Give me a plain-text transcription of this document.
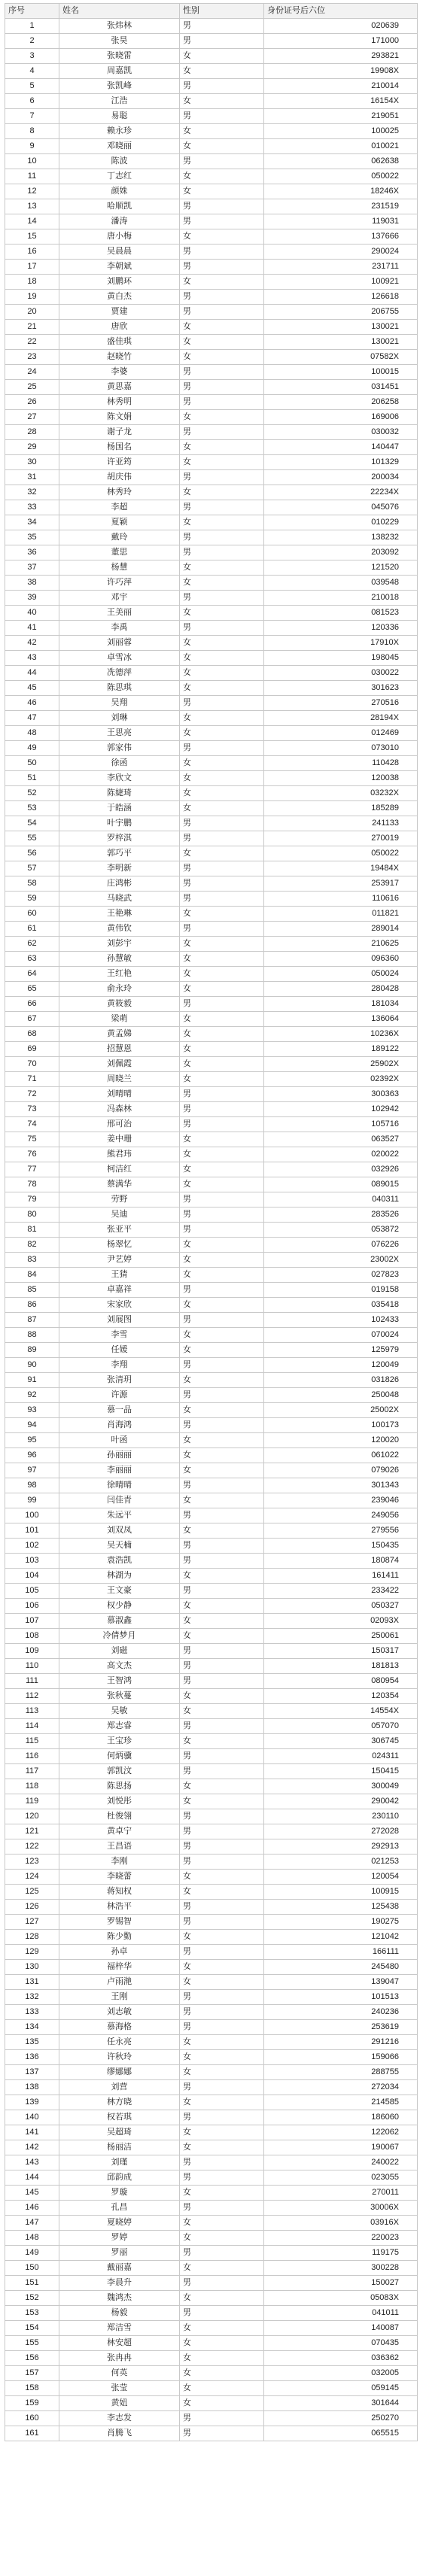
序号	姓名	性别	身份证号后六位
1	张炜林	男	020639
2	张昊	男	171000
3	张晓雷	女	293821
4	周嘉凯	女	19908X
5	张凯峰	男	210014
6	江浩	女	16154X
7	易聪	男	219051
8	赖永珍	女	100025
9	邓晓丽	女	010021
10	陈波	男	062638
11	丁志红	女	050022
12	颜姝	女	18246X
13	哈顺凯	男	231519
14	潘涛	男	119031
15	唐小梅	女	137666
16	吴晨晨	男	290024
17	李朝斌	男	231711
18	刘鹏环	女	100921
19	黄白杰	男	126618
20	贾建	男	206755
21	唐欣	女	130021
22	盛佳琪	女	130021
23	赵晓竹	女	07582X
24	李婆	男	100015
25	黄思嘉	男	031451
26	林秀明	男	206258
27	陈文娟	女	169006
28	谢子龙	男	030032
29	杨国名	女	140447
30	许亚筠	女	101329
31	胡庆伟	男	200034
32	林秀玲	女	22234X
33	李超	男	045076
34	夏颖	女	010229
35	戴玲	男	138232
36	董思	男	203092
37	杨慧	女	121520
38	许巧萍	女	039548
39	邓宇	男	210018
40	王美丽	女	081523
41	李禹	男	120336
42	刘丽蓉	女	17910X
43	卓雪冰	女	198045
44	冼德萍	女	030022
45	陈思琪	女	301623
46	吴翔	男	270516
47	刘琳	女	28194X
48	王思亮	女	012469
49	郭家伟	男	073010
50	徐函	女	110428
51	李欣文	女	120038
52	陈婕琦	女	03232X
53	于皓涵	女	185289
54	叶宇鹏	男	241133
55	罗梓淇	男	270019
56	郭巧平	女	050022
57	李明新	男	19484X
58	庄鸿彬	男	253917
59	马晓武	男	110616
60	王艳琳	女	011821
61	黄伟钦	男	289014
62	刘彭宇	女	210625
63	孙慧敏	女	096360
64	王红艳	女	050024
65	俞永玲	女	280428
66	黄筱毅	男	181034
67	梁萌	女	136064
68	黄孟娣	女	10236X
69	招慧恩	女	189122
70	刘佩霞	女	25902X
71	周晓兰	女	02392X
72	刘晴晴	男	300363
73	冯森林	男	102942
74	邢可治	男	105716
75	姜中珊	女	063527
76	熊君玮	女	020022
77	柯洁红	女	032926
78	蔡满华	女	089015
79	劳野	男	040311
80	吴迪	男	283526
81	张亚平	男	053872
82	杨翠忆	女	076226
83	尹艺婷	女	23002X
84	王猜	女	027823
85	卓嘉祥	男	019158
86	宋家欣	女	035418
87	刘展图	男	102433
88	李雪	女	070024
89	任媛	女	125979
90	李翔	男	120049
91	张清玥	女	031826
92	许源	男	250048
93	慕一品	女	25002X
94	肖海鸿	男	100173
95	叶函	女	120020
96	孙丽丽	女	061022
97	李丽丽	女	079026
98	徐晴晴	男	301343
99	闫佳青	女	239046
100	朱远平	男	249056
101	刘双凤	女	279556
102	吴天楠	男	150435
103	袁浩凯	男	180874
104	林湖为	女	161411
105	王文豪	男	233422
106	权少静	女	050327
107	慕淑鑫	女	02093X
108	冷倩梦月	女	250061
109	刘磁	男	150317
110	高文杰	男	181813
111	王智鸿	男	080954
112	张秋蔓	女	120354
113	吴敏	女	14554X
114	郑志睿	男	057070
115	王宝珍	女	306745
116	何炳骥	男	024311
117	郭凯汶	男	150415
118	陈思扬	女	300049
119	刘悦彤	女	290042
120	杜俊翎	男	230110
121	黄卓宁	男	272028
122	王昌语	男	292913
123	李刚	男	021253
124	李晓蕾	女	120054
125	蒋知权	女	100915
126	林浩平	男	125438
127	罗锡智	男	190275
128	陈少勤	女	121042
129	孙卓	男	166111
130	福梓华	女	245480
131	卢雨滟	女	139047
132	王刚	男	101513
133	刘志敏	男	240236
134	慕海格	男	253619
135	任永亮	女	291216
136	许秋玲	女	159066
137	缪娜娜	女	288755
138	刘营	男	272034
139	林方晓	女	214585
140	权若琪	男	186060
141	吴超琦	女	122062
142	杨丽洁	女	190067
143	刘瑾	男	240022
144	邱韵成	男	023055
145	罗璇	女	270011
146	孔昌	男	30006X
147	夏晓婷	女	03916X
148	罗婷	女	220023
149	罗丽	男	119175
150	戴丽嘉	女	300228
151	李晨升	男	150027
152	魏鸿杰	女	05083X
153	杨毅	男	041011
154	郑洁雪	女	140087
155	林安超	女	070435
156	张冉冉	女	036362
157	何英	女	032005
158	张莹	女	059145
159	黄妞	女	301644
160	李志发	男	250270
161	肖腾飞	男	065515
